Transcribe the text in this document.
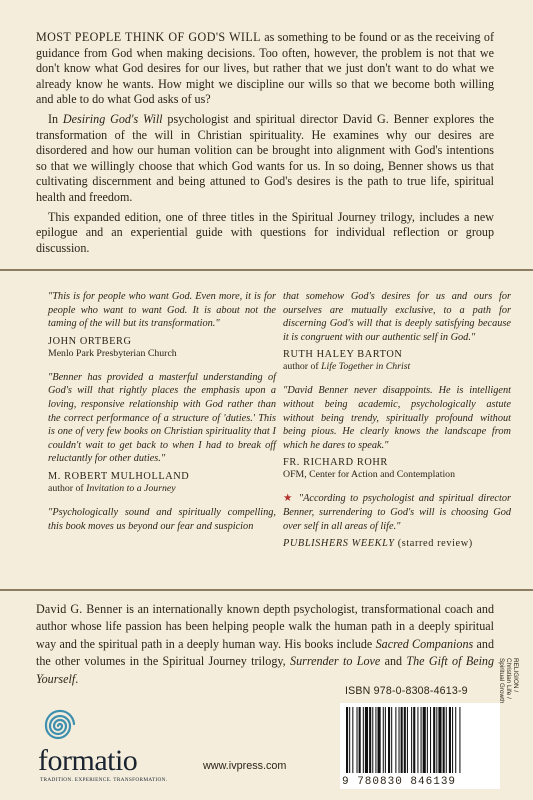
MOST PEOPLE THINK OF GOD'S WILL as something to be found or as the receiving of guidance from God when making decisions. Too often, however, the problem is not that we don't know what God desires for our lives, but rather that we just don't want to do what we already know he wants. How might we discipline our wills so that we become both willing and able to do what God asks of us?

In Desiring God's Will psychologist and spiritual director David G. Benner explores the transformation of the will in Christian spirituality. He examines why our desires are disordered and how our human volition can be brought into alignment with God's intentions so that we willingly choose that which God wants for us. In so doing, Benner shows us that cultivating discernment and being attuned to God's desires is the path to true life, spiritual health and freedom.

This expanded edition, one of three titles in the Spiritual Journey trilogy, includes a new epilogue and an experiential guide with questions for individual reflection or group discussion.

"This is for people who want God. Even more, it is for people who want to want God. It is about not the taming of the will but its transformation."

JOHN ORTBERG
Menlo Park Presbyterian Church

"Benner has provided a masterful understanding of God's will that rightly places the emphasis upon a loving, responsive relationship with God rather than the correct performance of a structure of 'duties.' This is one of very few books on Christian spirituality that I couldn't wait to get back to when I had to break off reluctantly for other duties."

M. ROBERT MULHOLLAND
author of Invitation to a Journey

"Psychologically sound and spiritually compelling, this book moves us beyond our fear and suspicion

that somehow God's desires for us and ours for ourselves are mutually exclusive, to a path for discerning God's will that is deeply satisfying because it is congruent with our authentic self in God."

RUTH HALEY BARTON
author of Life Together in Christ

"David Benner never disappoints. He is intelligent without being academic, psychologically astute without being trendy, spiritually profound without being pious. He clearly knows the landscape from which he dares to speak."

FR. RICHARD ROHR
OFM, Center for Action and Contemplation

★ "According to psychologist and spiritual director Benner, surrendering to God's will is choosing God over self in all areas of life."

PUBLISHERS WEEKLY (starred review)
David G. Benner is an internationally known depth psychologist, transformational coach and author whose life passion has been helping people walk the human path in a deeply spiritual way and the spiritual path in a deeply human way. His books include Sacred Companions and the other volumes in the Spiritual Journey trilogy, Surrender to Love and The Gift of Being Yourself.
formatio
TRADITION. EXPERIENCE. TRANSFORMATION.
www.ivpress.com
ISBN 978-0-8308-4613-9
9 780830 846139
RELIGION / Christian Life / Spiritual Growth
